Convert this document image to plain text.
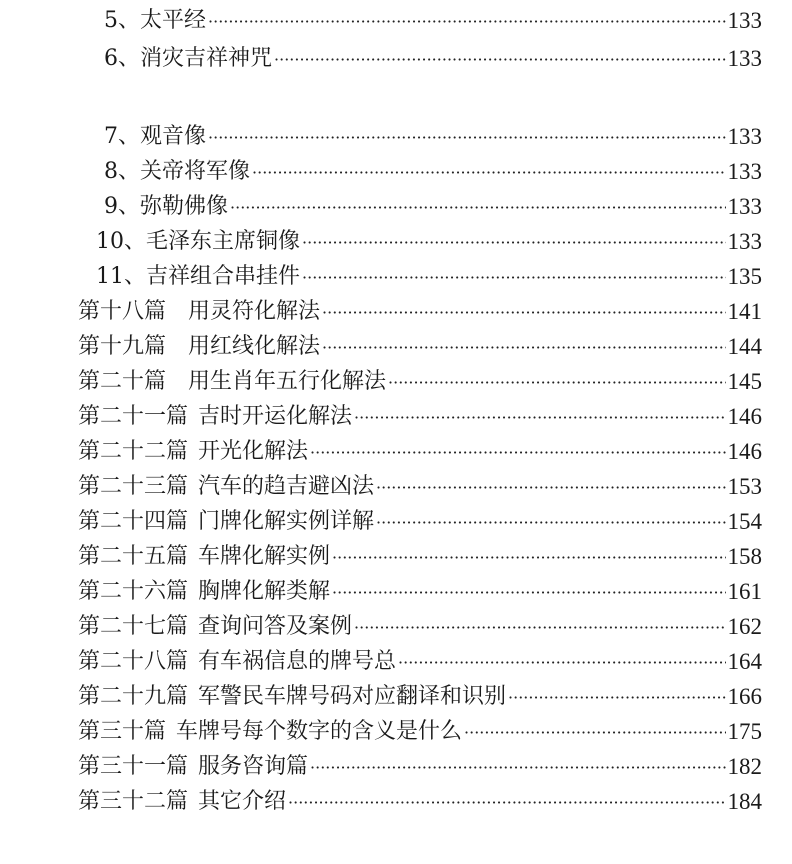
5、 太平经 ·····	133
6、 消灾吉祥神咒 ·····	133
7、 观音像 ·····	133
8、 关帝将军像 ·····	133
9、 弥勒佛像 ·····	133
10、 毛泽东主席铜像 ·····	133
11、 吉祥组合串挂件 ·····	135
第十八篇 用灵符化解法 ·····	141
第十九篇 用红线化解法 ·····	144
第二十篇 用生肖年五行化解法 ·····	145
第二十一篇 吉时开运化解法 ·····	146
第二十二篇 开光化解法 ·····	146
第二十三篇 汽车的趋吉避凶法 ·····	153
第二十四篇 门牌化解实例详解 ·····	154
第二十五篇 车牌化解实例 ·····	158
第二十六篇 胸牌化解类解 ·····	161
第二十七篇 查询问答及案例 ·····	162
第二十八篇 有车祸信息的牌号总 ·····	164
第二十九篇 军警民车牌号码对应翻译和识别 ·····	166
第三十篇 车牌号每个数字的含义是什么 ·····	175
第三十一篇 服务咨询篇 ·····	182
第三十二篇 其它介绍 ·····	184
